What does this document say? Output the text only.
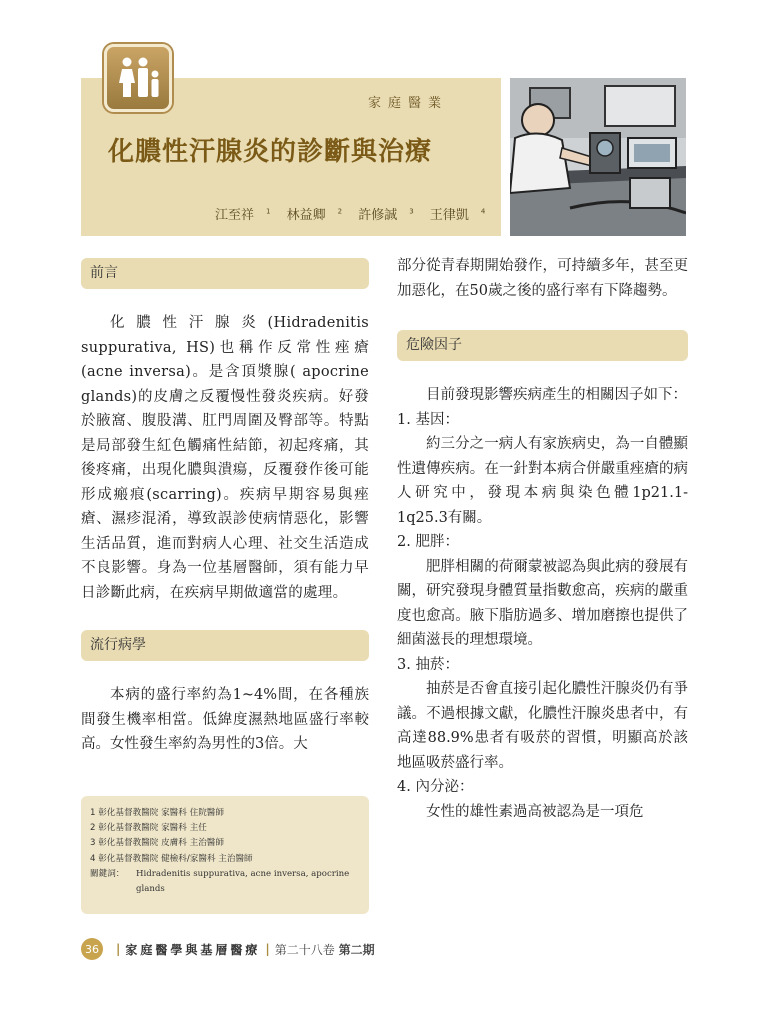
家庭醫業
化膿性汗腺炎的診斷與治療
江至祥 $^1$ 林益卿 $^2$ 許修誠 $^3$ 王律凱 $^4$
前言

化膿性汗腺炎(Hidradenitis suppurativa, HS)也稱作反常性痤瘡(acne inversa)。是含頂漿腺( apocrine glands)的皮膚之反覆慢性發炎疾病。好發於腋窩、腹股溝、肛門周圍及臀部等。特點是局部發生紅色觸痛性結節，初起疼痛，其後疼痛，出現化膿與潰瘍，反覆發作後可能形成瘢痕(scarring)。疾病早期容易與痤瘡、濕疹混淆，導致誤診使病情惡化，影響生活品質，進而對病人心理、社交生活造成不良影響。身為一位基層醫師，須有能力早日診斷此病，在疾病早期做適當的處理。

流行病學

本病的盛行率約為1~4%間，在各種族間發生機率相當。低緯度濕熱地區盛行率較高。女性發生率約為男性的3倍。大

1 彰化基督教醫院 家醫科 住院醫師
2 彰化基督教醫院 家醫科 主任
3 彰化基督教醫院 皮膚科 主治醫師
4 彰化基督教醫院 健檢科/家醫科 主治醫師
關鍵詞：	Hidradenitis suppurativa, acne inversa, apocrine glands

部分從青春期開始發作，可持續多年，甚至更加惡化，在50歲之後的盛行率有下降趨勢。

危險因子

目前發現影響疾病產生的相關因子如下：

1. 基因：

約三分之一病人有家族病史，為一自體顯性遺傳疾病。在一針對本病合併嚴重痤瘡的病人研究中，發現本病與染色體1p21.1-1q25.3有關。

2. 肥胖：

肥胖相關的荷爾蒙被認為與此病的發展有關，研究發現身體質量指數愈高，疾病的嚴重度也愈高。腋下脂肪過多、增加磨擦也提供了細菌滋長的理想環境。

3. 抽菸：

抽菸是否會直接引起化膿性汗腺炎仍有爭議。不過根據文獻，化膿性汗腺炎患者中，有高達88.9%患者有吸菸的習慣，明顯高於該地區吸菸盛行率。

4. 內分泌：

女性的雄性素過高被認為是一項危

36	| 家庭醫學與基層醫療 | 第二十八卷 第二期
